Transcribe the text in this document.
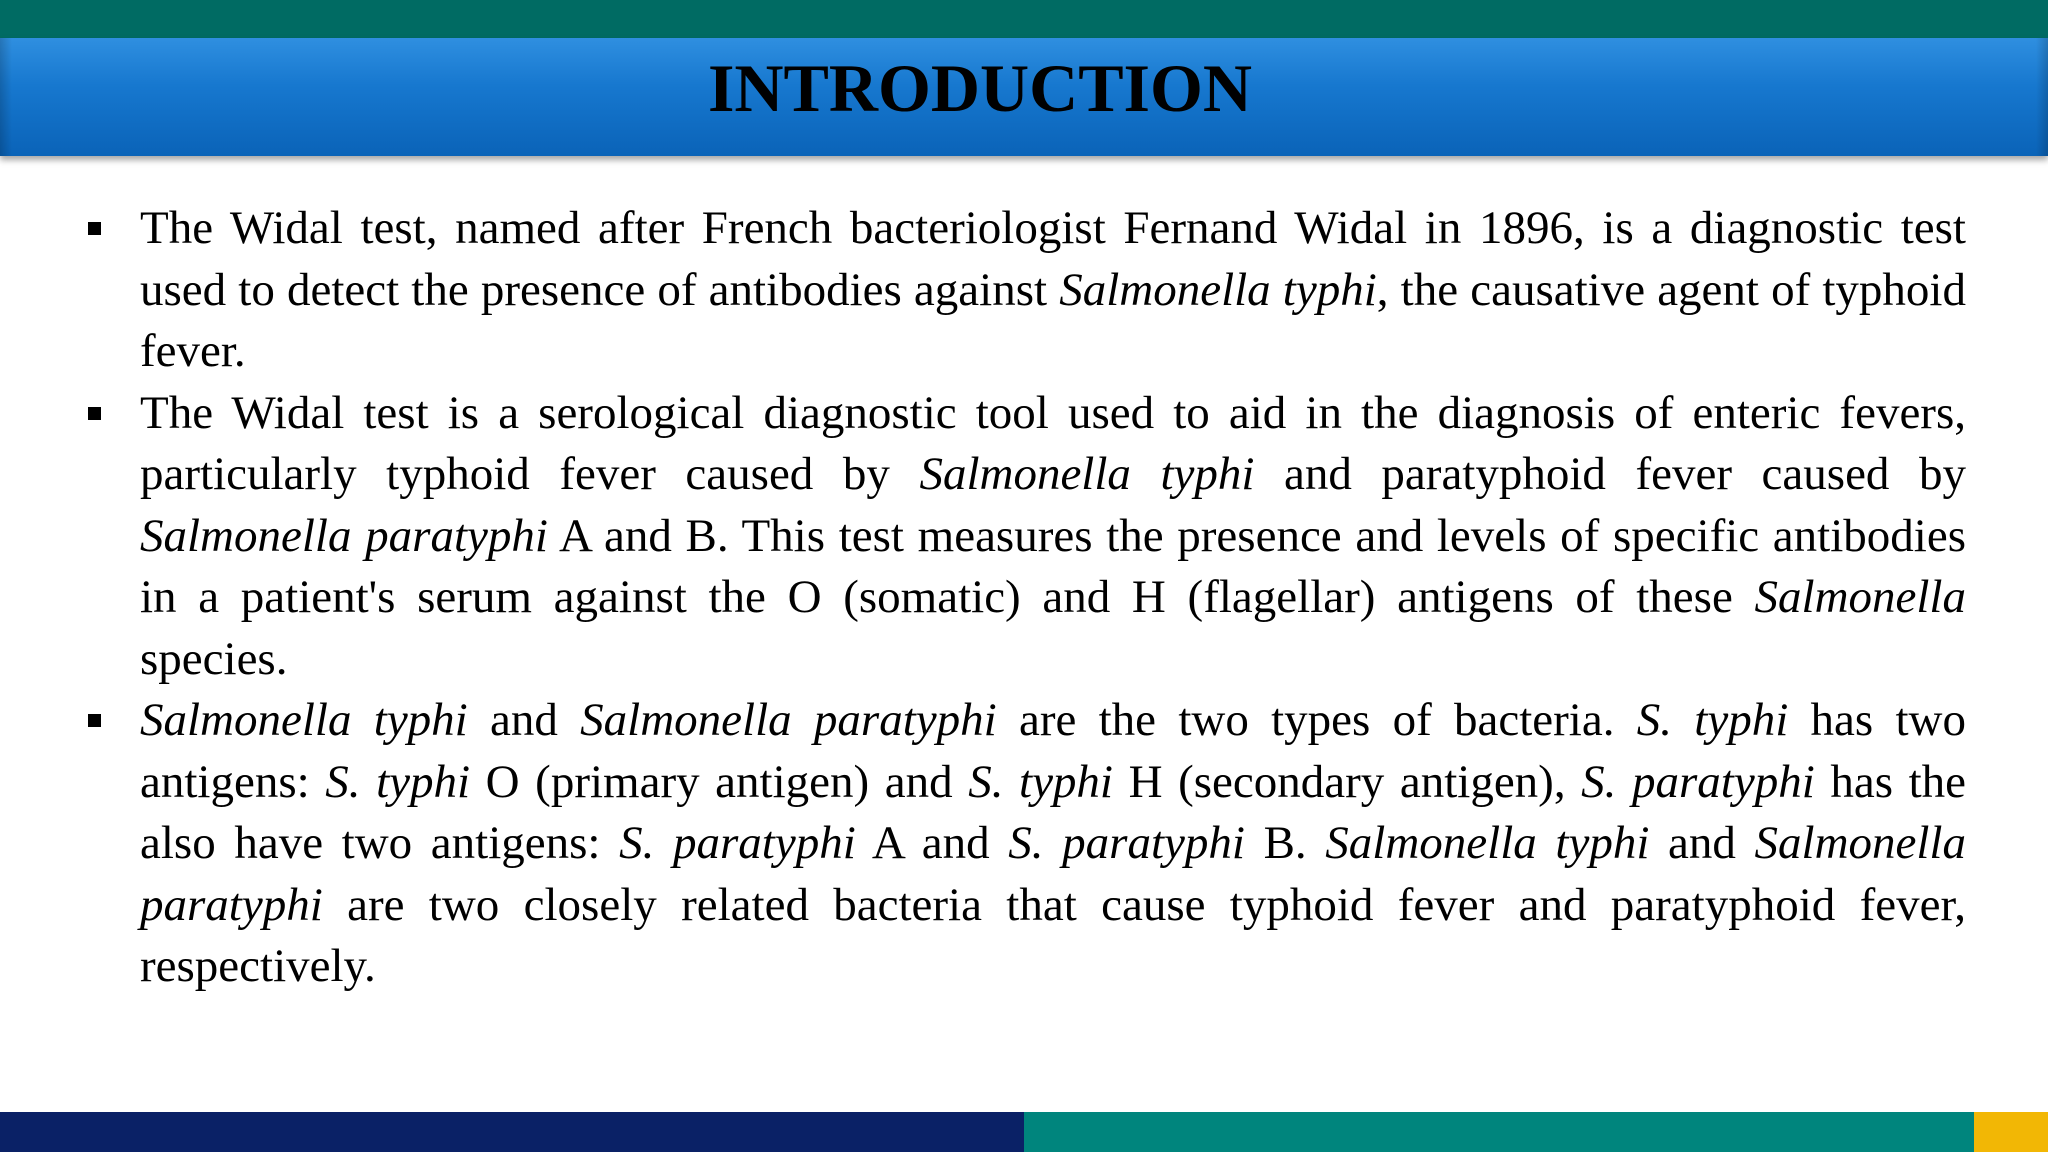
INTRODUCTION
The Widal test, named after French bacteriologist Fernand Widal in 1896, is a diagnostic test used to detect the presence of antibodies against Salmonella typhi, the causative agent of typhoid fever.
The Widal test is a serological diagnostic tool used to aid in the diagnosis of enteric fevers, particularly typhoid fever caused by Salmonella typhi and paratyphoid fever caused by Salmonella paratyphi A and B. This test measures the presence and levels of specific antibodies in a patient's serum against the O (somatic) and H (flagellar) antigens of these Salmonella species.
Salmonella typhi and Salmonella paratyphi are the two types of bacteria. S. typhi has two antigens: S. typhi O (primary antigen) and S. typhi H (secondary antigen), S. paratyphi has the also have two antigens: S. paratyphi A and S. paratyphi B. Salmonella typhi and Salmonella paratyphi are two closely related bacteria that cause typhoid fever and paratyphoid fever, respectively.
